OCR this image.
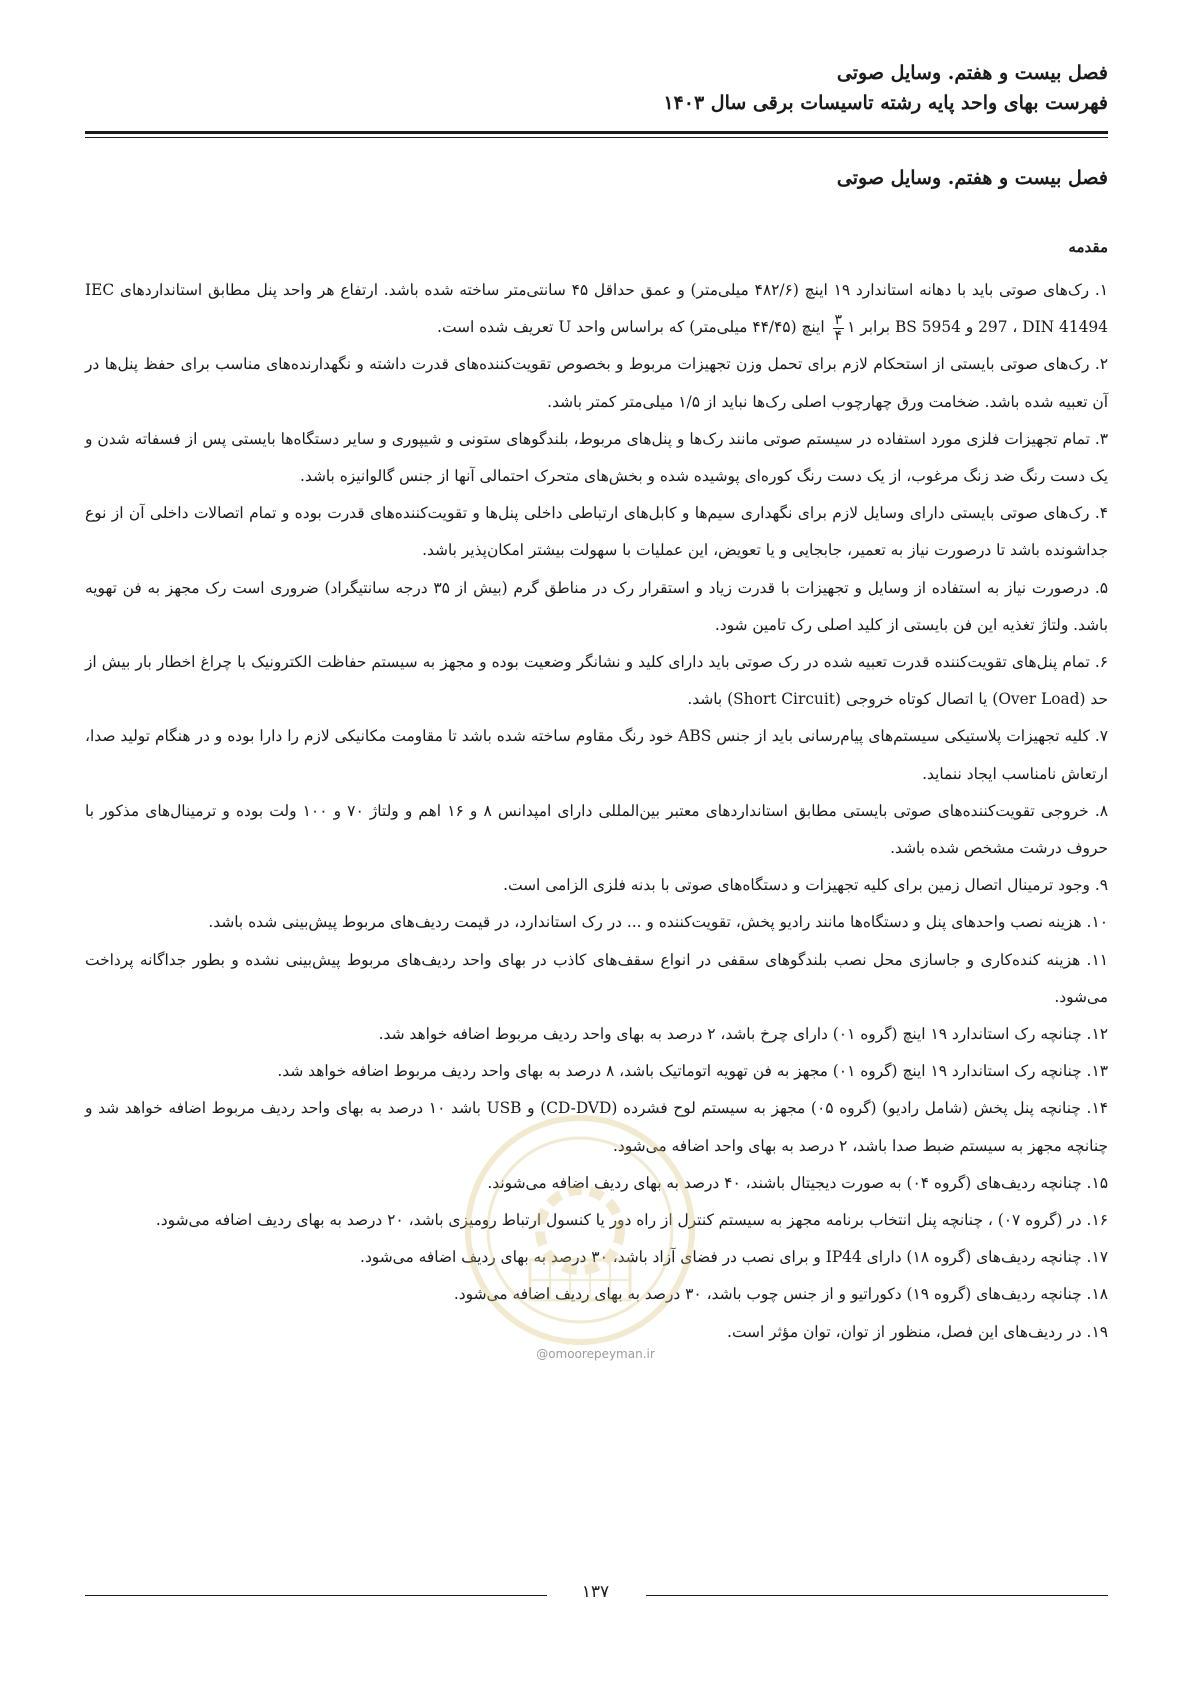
فصل بیست و هفتم. وسایل صوتی
فهرست بهای واحد پایه رشته تاسیسات برقی سال ۱۴۰۳
فصل بیست و هفتم. وسایل صوتی
مقدمه

۱. رک‌های صوتی باید با دهانه استاندارد ۱۹ اینچ (۴۸۲/۶ میلی‌متر) و عمق حداقل ۴۵ سانتی‌متر ساخته شده باشد. ارتفاع هر واحد پنل مطابق استانداردهای IEC 297 ، DIN 41494 و BS 5954 برابر ۱
$\frac{۳}{۴}$
اینچ (۴۴/۴۵ میلی‌متر) که براساس واحد U تعریف شده است.

۲. رک‌های صوتی بایستی از استحکام لازم برای تحمل وزن تجهیزات مربوط و بخصوص تقویت‌کننده‌های قدرت داشته و نگهدارنده‌های مناسب برای حفظ پنل‌ها در آن تعبیه شده باشد. ضخامت ورق چهارچوب اصلی رک‌ها نباید از ۱/۵ میلی‌متر کمتر باشد.

۳. تمام تجهیزات فلزی مورد استفاده در سیستم صوتی مانند رک‌ها و پنل‌های مربوط، بلندگوهای ستونی و شیپوری و سایر دستگاه‌ها بایستی پس از فسفاته شدن و یک دست رنگ ضد زنگ مرغوب، از یک دست رنگ کوره‌ای پوشیده شده و بخش‌های متحرک احتمالی آنها از جنس گالوانیزه باشد.

۴. رک‌های صوتی بایستی دارای وسایل لازم برای نگهداری سیم‌ها و کابل‌های ارتباطی داخلی پنل‌ها و تقویت‌کننده‌های قدرت بوده و تمام اتصالات داخلی آن از نوع جداشونده باشد تا درصورت نیاز به تعمیر، جابجایی و یا تعویض، این عملیات با سهولت بیشتر امکان‌پذیر باشد.

۵. درصورت نیاز به استفاده از وسایل و تجهیزات با قدرت زیاد و استقرار رک در مناطق گرم (بیش از ۳۵ درجه سانتیگراد) ضروری است رک مجهز به فن تهویه باشد. ولتاژ تغذیه این فن بایستی از کلید اصلی رک تامین شود.

۶. تمام پنل‌های تقویت‌کننده قدرت تعبیه شده در رک صوتی باید دارای کلید و نشانگر وضعیت بوده و مجهز به سیستم حفاظت الکترونیک با چراغ اخطار بار بیش از حد (Over Load) یا اتصال کوتاه خروجی (Short Circuit) باشد.

۷. کلیه تجهیزات پلاستیکی سیستم‌های پیام‌رسانی باید از جنس ABS خود رنگ مقاوم ساخته شده باشد تا مقاومت مکانیکی لازم را دارا بوده و در هنگام تولید صدا، ارتعاش نامناسب ایجاد ننماید.

۸. خروجی تقویت‌کننده‌های صوتی بایستی مطابق استانداردهای معتبر بین‌المللی دارای امپدانس ۸ و ۱۶ اهم و ولتاژ ۷۰ و ۱۰۰ ولت بوده و ترمینال‌های مذکور با حروف درشت مشخص شده باشد.

۹. وجود ترمینال اتصال زمین برای کلیه تجهیزات و دستگاه‌های صوتی با بدنه فلزی الزامی است.

۱۰. هزینه نصب واحدهای پنل و دستگاه‌ها مانند رادیو پخش، تقویت‌کننده و ... در رک استاندارد، در قیمت ردیف‌های مربوط پیش‌بینی شده باشد.

۱۱. هزینه کنده‌کاری و جاسازی محل نصب بلندگوهای سقفی در انواع سقف‌های کاذب در بهای واحد ردیف‌های مربوط پیش‌بینی نشده و بطور جداگانه پرداخت می‌شود.

۱۲. چنانچه رک استاندارد ۱۹ اینچ (گروه ۰۱) دارای چرخ باشد، ۲ درصد به بهای واحد ردیف مربوط اضافه خواهد شد.

۱۳. چنانچه رک استاندارد ۱۹ اینچ (گروه ۰۱) مجهز به فن تهویه اتوماتیک باشد، ۸ درصد به بهای واحد ردیف مربوط اضافه خواهد شد.

۱۴. چنانچه پنل پخش (شامل رادیو) (گروه ۰۵) مجهز به سیستم لوح فشرده (CD-DVD) و USB باشد ۱۰ درصد به بهای واحد ردیف مربوط اضافه خواهد شد و چنانچه مجهز به سیستم ضبط صدا باشد، ۲ درصد به بهای واحد اضافه می‌شود.

۱۵. چنانچه ردیف‌های (گروه ۰۴) به صورت دیجیتال باشند، ۴۰ درصد به بهای ردیف اضافه می‌شوند.

۱۶. در (گروه ۰۷) ، چنانچه پنل انتخاب برنامه مجهز به سیستم کنترل از راه دور یا کنسول ارتباط رومیزی باشد، ۲۰ درصد به بهای ردیف اضافه می‌شود.

۱۷. چنانچه ردیف‌های (گروه ۱۸) دارای IP44 و برای نصب در فضای آزاد باشد، ۳۰ درصد به بهای ردیف اضافه می‌شود.

۱۸. چنانچه ردیف‌های (گروه ۱۹) دکوراتیو و از جنس چوب باشد، ۳۰ درصد به بهای ردیف اضافه می‌شود.

۱۹. در ردیف‌های این فصل، منظور از توان، توان مؤثر است.

@omoorepeyman.ir
۱۳۷
